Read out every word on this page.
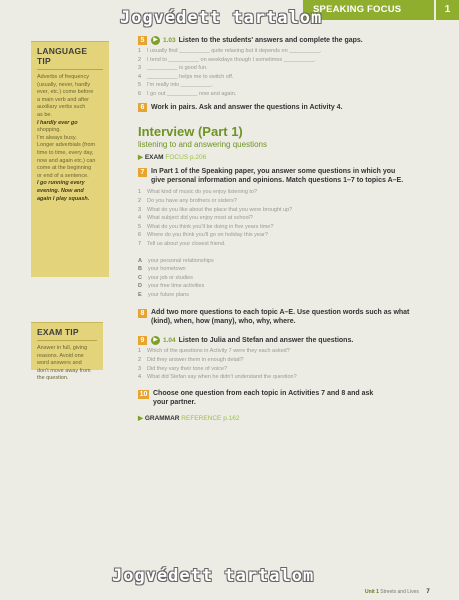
SPEAKING FOCUS	1
Jogvédett tartalom
LANGUAGE TIP
Adverbs of frequency
(usually, never, hardly
ever, etc.) come before
a main verb and after
auxiliary verbs such
as be.
I hardly ever go
shopping.
I'm always busy.
Longer adverbials (from
time to time, every day,
now and again etc.) can
come at the beginning
or end of a sentence.
I go running every
evening. Now and
again I play squash.
EXAM TIP
Answer in full, giving
reasons. Avoid one
word answers and
don't move away from
the question.
5	▶ 1.03 Listen to the students' answers and complete the gaps.
1	I usually find __________ quite relaxing but it depends on __________.
2	I tend to __________ on weekdays though I sometimes __________.
3	__________ is good fun.
4	__________ helps me to switch off.
5	I'm really into __________.
6	I go out __________ now and again.
6 Work in pairs. Ask and answer the questions in Activity 4.
Interview (Part 1)
listening to and answering questions
▶ EXAM FOCUS p.206
7 In Part 1 of the Speaking paper, you answer some questions in which you
give personal information and opinions. Match questions 1–7 to topics A–E.
1	What kind of music do you enjoy listening to?
2	Do you have any brothers or sisters?
3	What do you like about the place that you were brought up?
4	What subject did you enjoy most at school?
5	What do you think you'll be doing in five years time?
6	Where do you think you'll go on holiday this year?
7	Tell us about your closest friend.
A	your personal relationships
B	your hometown
C	your job or studies
D	your free time activities
E	your future plans
8 Add two more questions to each topic A–E. Use question words such as what
(kind), when, how (many), who, why, where.
9	▶ 1.04 Listen to Julia and Stefan and answer the questions.
1	Which of the questions in Activity 7 were they each asked?
2	Did they answer them in enough detail?
3	Did they vary their tone of voice?
4	What did Stefan say when he didn't understand the question?
10 Choose one question from each topic in Activities 7 and 8 and ask
your partner.
▶ GRAMMAR REFERENCE p.162
Jogvédett tartalom
Unit 1 Streets and Lives 7
